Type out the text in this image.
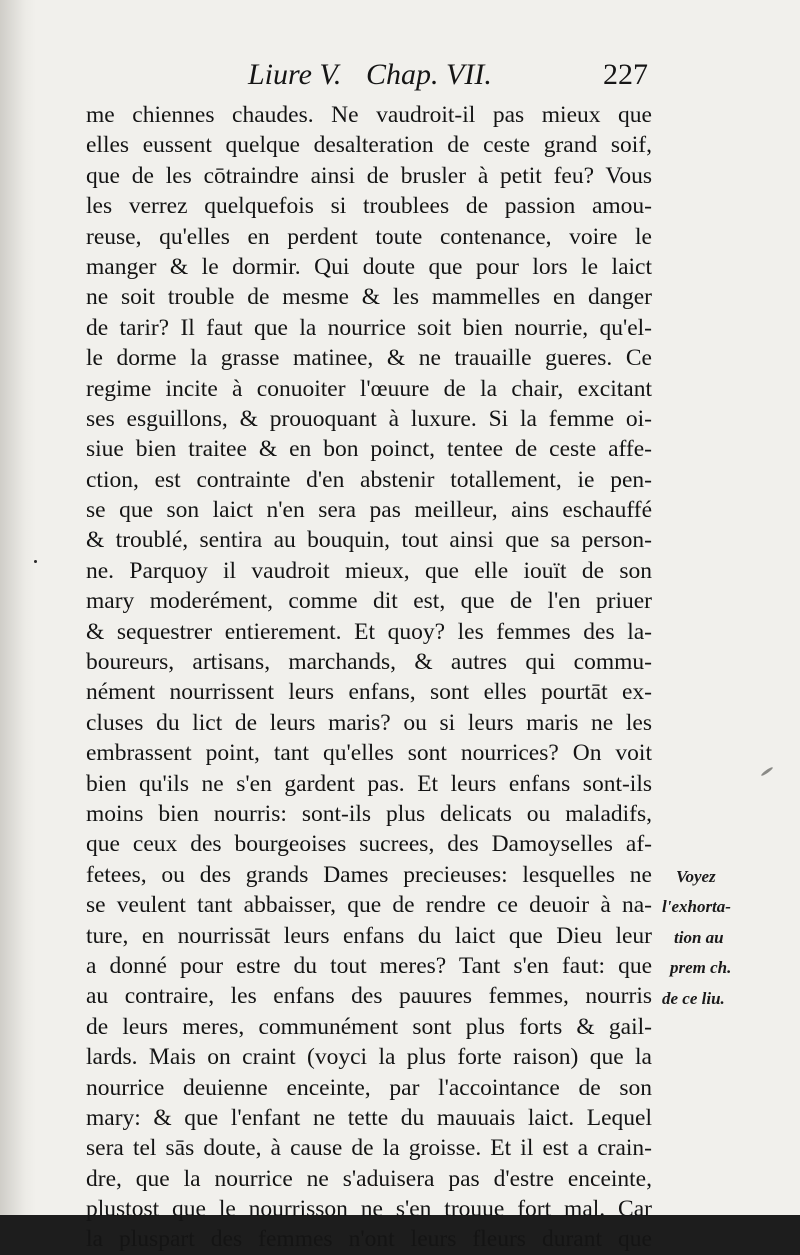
Liure V. Chap. VII.	227
me chiennes chaudes. Ne vaudroit-il pas mieux que
elles eussent quelque desalteration de ceste grand soif,
que de les cōtraindre ainsi de brusler à petit feu? Vous
les verrez quelquefois si troublees de passion amou-
reuse, qu'elles en perdent toute contenance, voire le
manger & le dormir. Qui doute que pour lors le laict
ne soit trouble de mesme & les mammelles en danger
de tarir? Il faut que la nourrice soit bien nourrie, qu'el-
le dorme la grasse matinee, & ne trauaille gueres. Ce
regime incite à conuoiter l'œuure de la chair, excitant
ses esguillons, & prouoquant à luxure. Si la femme oi-
siue bien traitee & en bon poinct, tentee de ceste affe-
ction, est contrainte d'en abstenir totallement, ie pen-
se que son laict n'en sera pas meilleur, ains eschauffé
& troublé, sentira au bouquin, tout ainsi que sa person-
ne. Parquoy il vaudroit mieux, que elle iouït de son
mary moderément, comme dit est, que de l'en priuer
& sequestrer entierement. Et quoy? les femmes des la-
boureurs, artisans, marchands, & autres qui commu-
nément nourrissent leurs enfans, sont elles pourtāt ex-
cluses du lict de leurs maris? ou si leurs maris ne les
embrassent point, tant qu'elles sont nourrices? On voit
bien qu'ils ne s'en gardent pas. Et leurs enfans sont-ils
moins bien nourris: sont-ils plus delicats ou maladifs,
que ceux des bourgeoises sucrees, des Damoyselles af-
fetees, ou des grands Dames precieuses: lesquelles ne
se veulent tant abbaisser, que de rendre ce deuoir à na-
ture, en nourrissāt leurs enfans du laict que Dieu leur
a donné pour estre du tout meres? Tant s'en faut: que
au contraire, les enfans des pauures femmes, nourris
de leurs meres, communément sont plus forts & gail-
lards. Mais on craint (voyci la plus forte raison) que la
nourrice deuienne enceinte, par l'accointance de son
mary: & que l'enfant ne tette du mauuais laict. Lequel
sera tel sās doute, à cause de la groisse. Et il est a crain-
dre, que la nourrice ne s'aduisera pas d'estre enceinte,
plustost que le nourrisson ne s'en trouue fort mal. Car
la pluspart des femmes n'ont leurs fleurs durant que
Voyez
l'exhorta-
tion au
prem ch.
de ce liu.
